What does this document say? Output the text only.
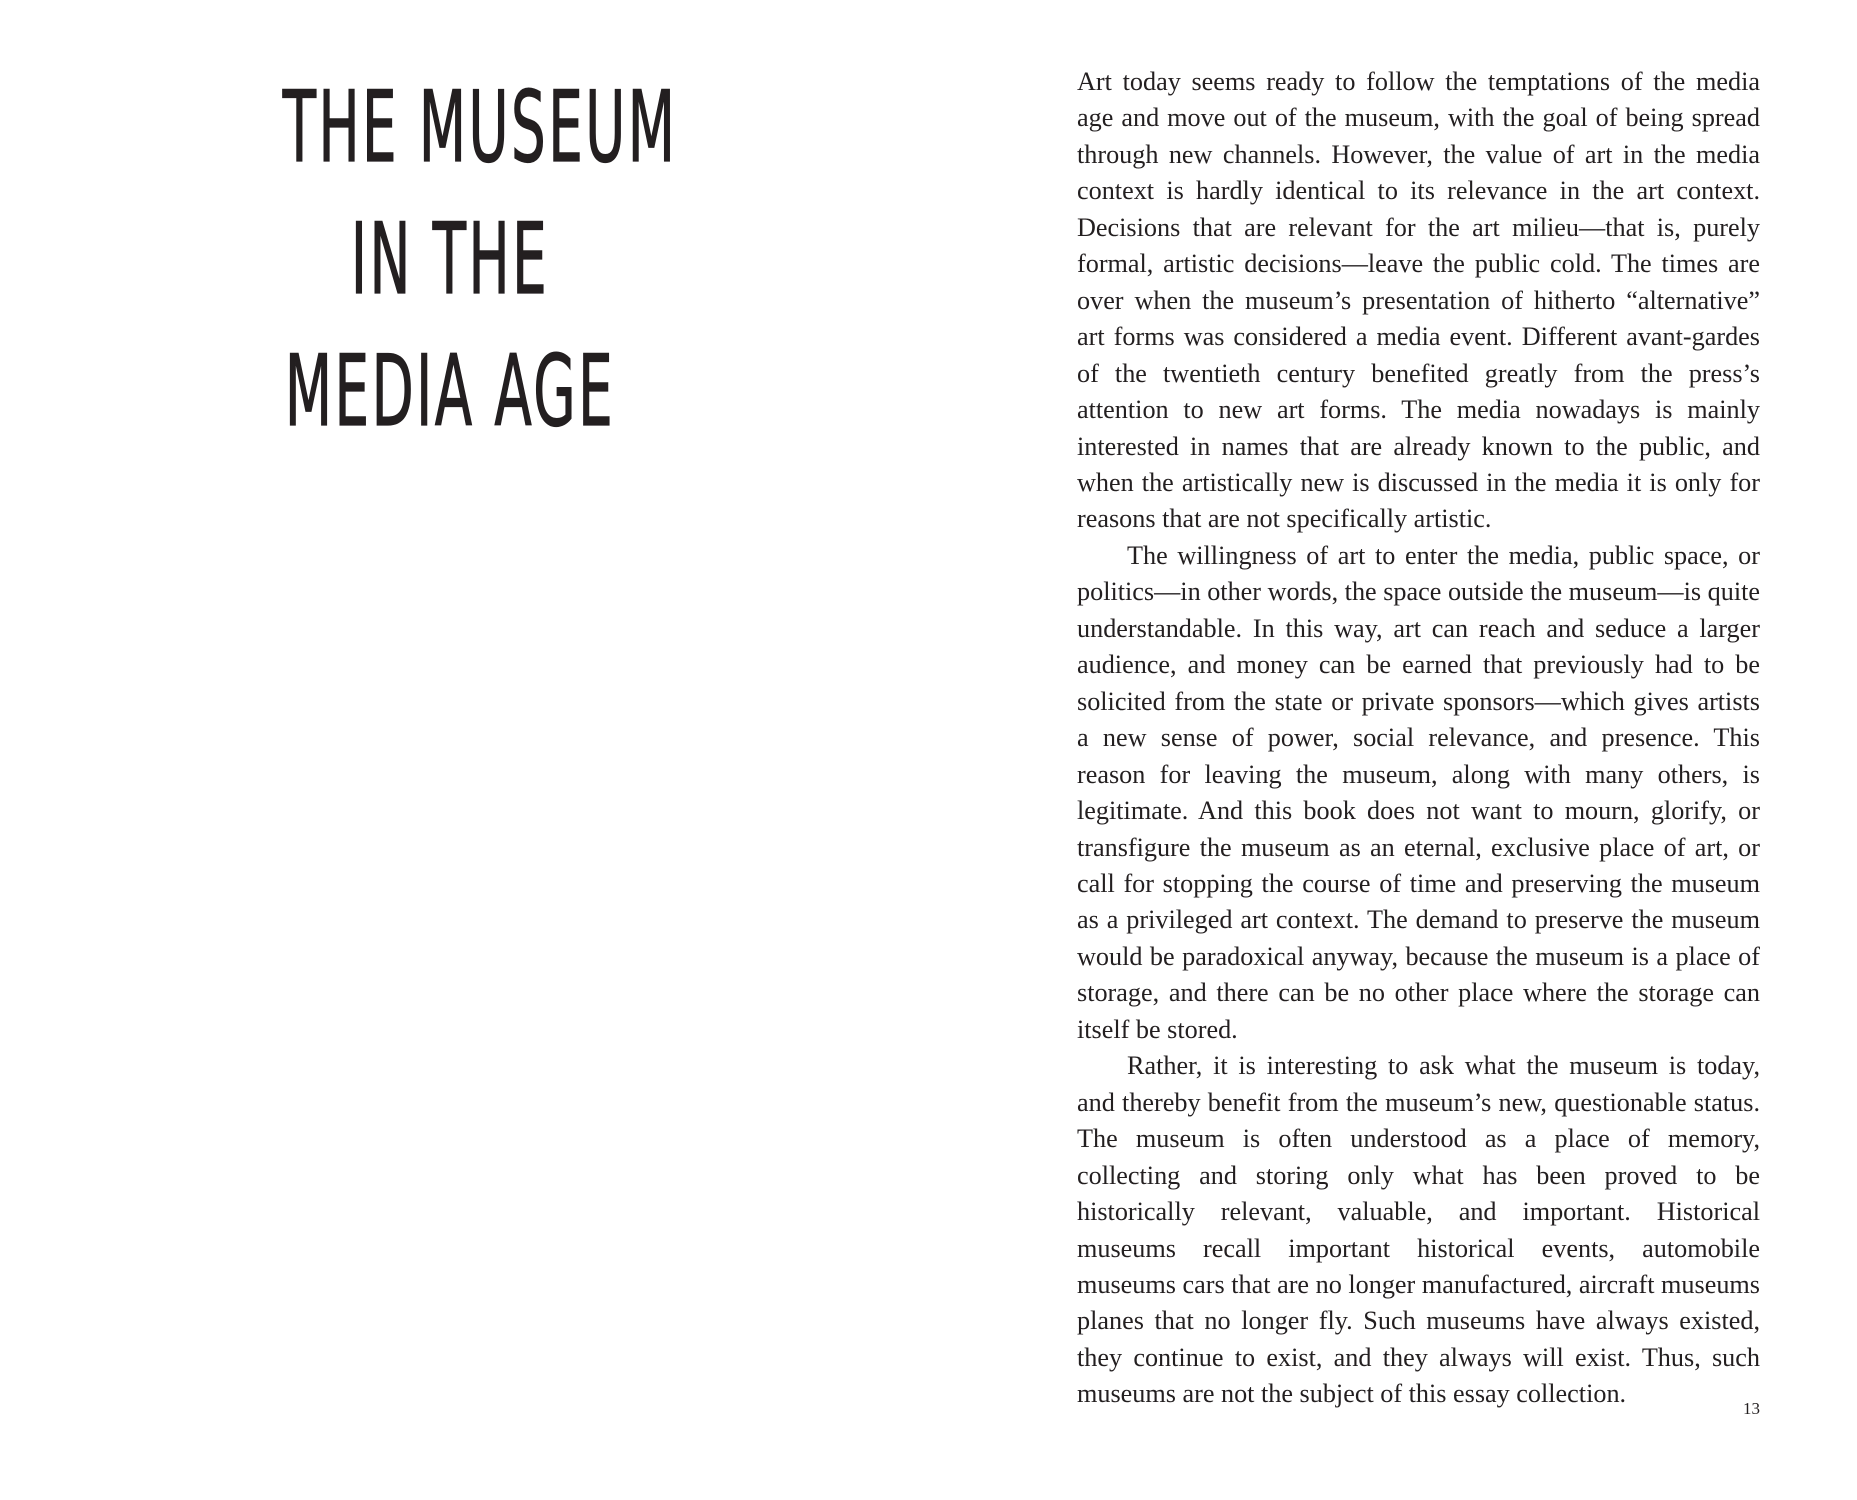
THE MUSEUM
IN THE
MEDIA AGE

Art today seems ready to follow the temptations of the media age and move out of the museum, with the goal of being spread through new channels. However, the value of art in the media context is hardly identical to its relevance in the art context. Decisions that are relevant for the art milieu—that is, purely formal, artistic decisions—leave the public cold. The times are over when the museum’s presentation of hitherto “alternative” art forms was considered a media event. Different avant-gardes of the twentieth century benefited greatly from the press’s attention to new art forms. The media nowadays is mainly interested in names that are already known to the public, and when the artistically new is discussed in the media it is only for reasons that are not specifically artistic.

The willingness of art to enter the media, public space, or politics—in other words, the space outside the museum—is quite understandable. In this way, art can reach and seduce a larger audience, and money can be earned that previously had to be solicited from the state or private sponsors—which gives artists a new sense of power, social relevance, and presence. This reason for leaving the museum, along with many others, is legitimate. And this book does not want to mourn, glorify, or transfigure the museum as an eternal, exclusive place of art, or call for stopping the course of time and preserving the museum as a privileged art context. The demand to preserve the museum would be paradoxical anyway, because the museum is a place of storage, and there can be no other place where the storage can itself be stored.

Rather, it is interesting to ask what the museum is today, and thereby benefit from the museum’s new, questionable status. The museum is often understood as a place of memory, collecting and storing only what has been proved to be historically relevant, valuable, and important. Historical museums recall important historical events, automobile museums cars that are no longer manufactured, aircraft museums planes that no longer fly. Such museums have always existed, they continue to exist, and they always will exist. Thus, such museums are not the subject of this essay collection.

13
